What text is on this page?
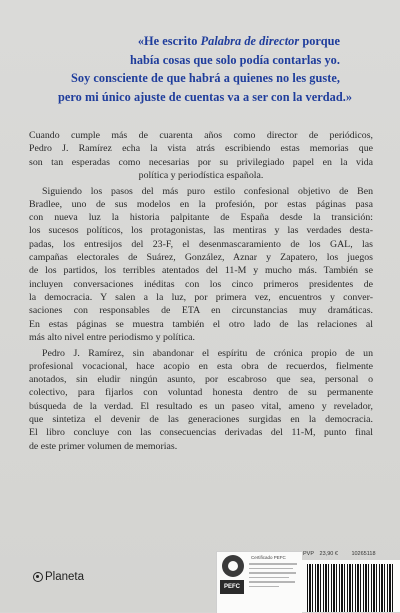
«He escrito Palabra de director porque
había cosas que solo podía contarlas yo.
Soy consciente de que habrá a quienes no les guste,
pero mi único ajuste de cuentas va a ser con la verdad.»
Cuando cumple más de cuarenta años como director de periódicos,
Pedro J. Ramírez echa la vista atrás escribiendo estas memorias que
son tan esperadas como necesarias por su privilegiado papel en la vida
política y periodística española.
Siguiendo los pasos del más puro estilo confesional objetivo de Ben
Bradlee, uno de sus modelos en la profesión, por estas páginas pasa
con nueva luz la historia palpitante de España desde la transición:
los sucesos políticos, los protagonistas, las mentiras y las verdades desta-
padas, los entresijos del 23-F, el desenmascaramiento de los GAL, las
campañas electorales de Suárez, González, Aznar y Zapatero, los juegos
de los partidos, los terribles atentados del 11-M y mucho más. También se
incluyen conversaciones inéditas con los cinco primeros presidentes de
la democracia. Y salen a la luz, por primera vez, encuentros y conver-
saciones con responsables de ETA en circunstancias muy dramáticas.
En estas páginas se muestra también el otro lado de las relaciones al
más alto nivel entre periodismo y política.
Pedro J. Ramírez, sin abandonar el espíritu de crónica propio de un
profesional vocacional, hace acopio en esta obra de recuerdos, fielmente
anotados, sin eludir ningún asunto, por escabroso que sea, personal o
colectivo, para fijarlos con voluntad honesta dentro de su permanente
búsqueda de la verdad. El resultado es un paseo vital, ameno y revelador,
que sintetiza el devenir de las generaciones surgidas en la democracia.
El libro concluye con las consecuencias derivadas del 11-M, punto final
de este primer volumen de memorias.
Planeta
PEFC
Certificado PEFC
PVP 23,90 € 10265118
